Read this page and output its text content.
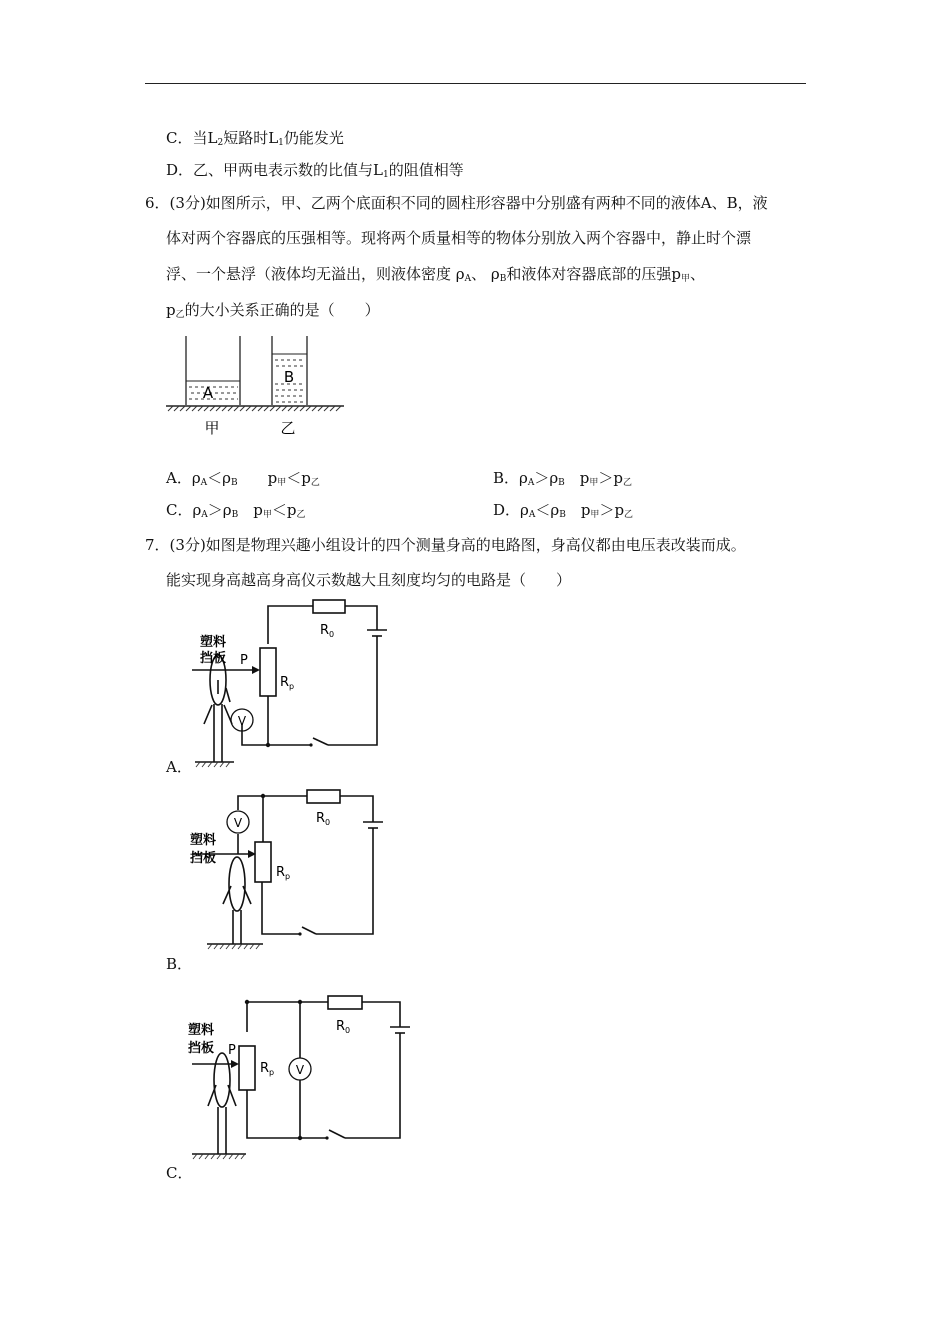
C．当$L_2$短路时$L_1$仍能发光
D．乙、甲两电表示数的比值与$L_1$的阻值相等
6．(3分)如图所示，甲、乙两个底面积不同的圆柱形容器中分别盛有两种不同的液体A、B，液
体对两个容器底的压强相等。现将两个质量相等的物体分别放入两个容器中，静止时个漂
浮、一个悬浮（液体均无溢出，则液体密度 $\rho_A$、 $\rho_B$和液体对容器底部的压强$p_甲$、
$p_乙$的大小关系正确的是（　　）
A
B
甲	乙
A．$\rho_A<\rho_B$　　$p_甲<p_乙$	B．$\rho_A>\rho_B$　$p_甲>p_乙$
C．$\rho_A>\rho_B$　$p_甲<p_乙$	D．$\rho_A<\rho_B$　$p_甲>p_乙$
7．(3分)如图是物理兴趣小组设计的四个测量身高的电路图，身高仪都由电压表改装而成。
能实现身高越高身高仪示数越大且刻度均匀的电路是（　　）
塑料
挡板 P
$R_p$
$R_0$
V
A．
塑料
挡板
$R_p$
$R_0$
V
B．
塑料
挡板 P
$R_p$
$R_0$
V
C．
